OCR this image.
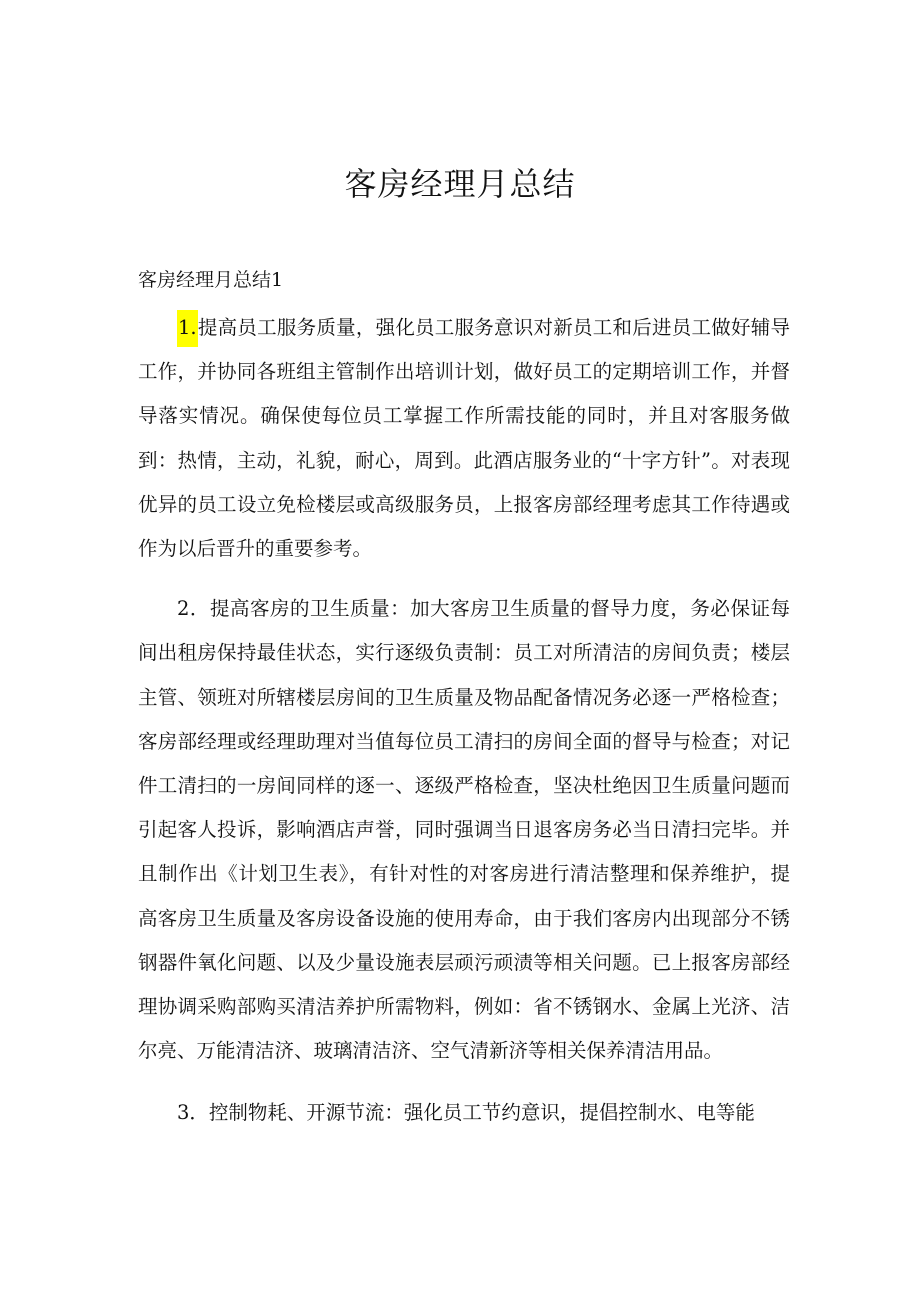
客房经理月总结

客房经理月总结1

1.提高员工服务质量，强化员工服务意识对新员工和后进员工做好辅导工作，并协同各班组主管制作出培训计划，做好员工的定期培训工作，并督导落实情况。确保使每位员工掌握工作所需技能的同时，并且对客服务做到：热情，主动，礼貌，耐心，周到。此酒店服务业的“十字方针”。对表现优异的员工设立免检楼层或高级服务员，上报客房部经理考虑其工作待遇或作为以后晋升的重要参考。

2．提高客房的卫生质量：加大客房卫生质量的督导力度，务必保证每间出租房保持最佳状态，实行逐级负责制：员工对所清洁的房间负责；楼层主管、领班对所辖楼层房间的卫生质量及物品配备情况务必逐一严格检查；客房部经理或经理助理对当值每位员工清扫的房间全面的督导与检查；对记件工清扫的一房间同样的逐一、逐级严格检查，坚决杜绝因卫生质量问题而引起客人投诉，影响酒店声誉，同时强调当日退客房务必当日清扫完毕。并且制作出《计划卫生表》，有针对性的对客房进行清洁整理和保养维护，提高客房卫生质量及客房设备设施的使用寿命，由于我们客房内出现部分不锈钢器件氧化问题、以及少量设施表层顽污顽渍等相关问题。已上报客房部经理协调采购部购买清洁养护所需物料，例如：省不锈钢水、金属上光济、洁尔亮、万能清洁济、玻璃清洁济、空气清新济等相关保养清洁用品。

3．控制物耗、开源节流：强化员工节约意识，提倡控制水、电等能
